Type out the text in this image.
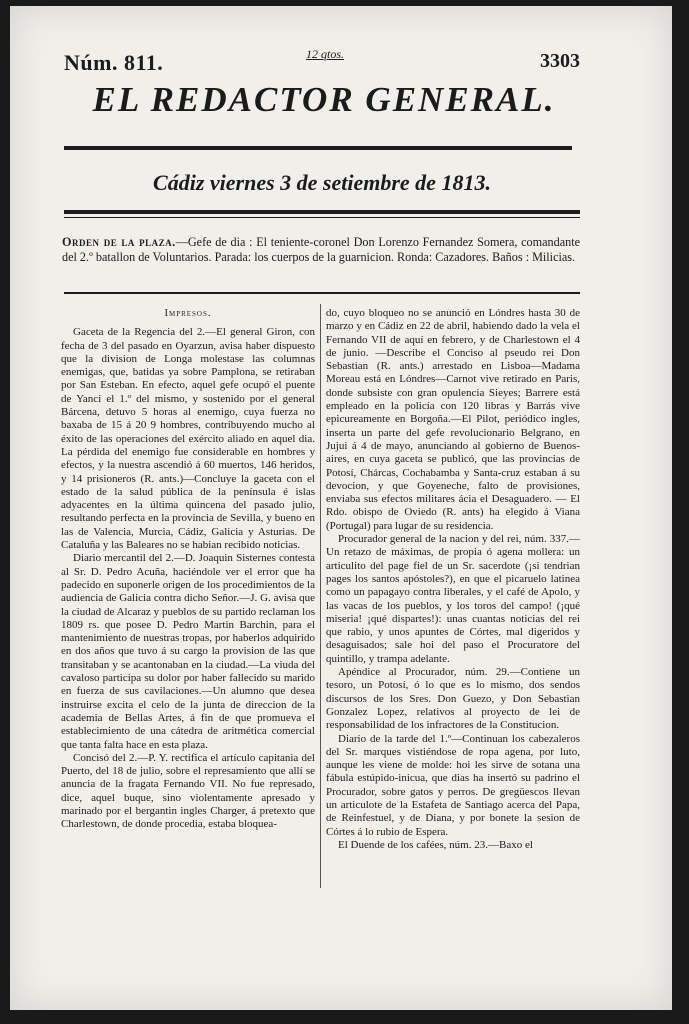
Núm. 811.	12 qtos.	3303
EL REDACTOR GENERAL.
Cádiz viernes 3 de setiembre de 1813.
Orden de la plaza.—Gefe de dia : El teniente-coronel Don Lorenzo Fernandez Somera, comandante del 2.º batallon de Voluntarios. Parada: los cuerpos de la guarnicion. Ronda: Cazadores. Baños : Milicias.

Impresos.

Gaceta de la Regencia del 2.—El general Giron, con fecha de 3 del pasado en Oyarzun, avisa haber dispuesto que la division de Longa molestase las columnas enemigas, que, batidas ya sobre Pamplona, se retiraban por San Esteban. En efecto, aquel gefe ocupó el puente de Yanci el 1.º del mismo, y sostenido por el general Bárcena, detuvo 5 horas al enemigo, cuya fuerza no baxaba de 15 á 20 9 hombres, contribuyendo mucho al éxito de las operaciones del exército aliado en aquel dia. La pérdida del enemigo fue considerable en hombres y efectos, y la nuestra ascendió á 60 muertos, 146 heridos, y 14 prisioneros (R. ants.)—Concluye la gaceta con el estado de la salud pública de la península é islas adyacentes en la última quincena del pasado julio, resultando perfecta en la provincia de Sevilla, y bueno en las de Valencia, Murcia, Cádiz, Galicia y Asturias. De Cataluña y las Baleares no se habian recibido noticias.

Diario mercantil del 2.—D. Joaquin Sisternes contesta al Sr. D. Pedro Acuña, haciéndole ver el error que ha padecido en suponerle origen de los procedimientos de la audiencia de Galicia contra dicho Señor.—J. G. avisa que la ciudad de Alcaraz y pueblos de su partido reclaman los 1809 rs. que posee D. Pedro Martin Barchin, para el mantenimiento de nuestras tropas, por haberlos adquirido en dos años que tuvo á su cargo la provision de las que transitaban y se acantonaban en la ciudad.—La viuda del cavaloso participa su dolor por haber fallecido su marido en fuerza de sus cavilaciones.—Un alumno que desea instruirse excita el celo de la junta de direccion de la academia de Bellas Artes, á fin de que promueva el establecimiento de una cátedra de aritmética comercial que tanta falta hace en esta plaza.

Concisó del 2.—P. Y. rectifica el artículo capitania del Puerto, del 18 de julio, sobre el represamiento que allí se anuncia de la fragata Fernando VII. No fue represado, dice, aquel buque, sino violentamente apresado y marinado por el bergantin ingles Charger, á pretexto que Charlestown, de donde procedia, estaba bloquea-

do, cuyo bloqueo no se anunció en Lóndres hasta 30 de marzo y en Cádiz en 22 de abril, habiendo dado la vela el Fernando VII de aquí en febrero, y de Charlestown el 4 de junio. —Describe el Conciso al pseudo rei Don Sebastian (R. ants.) arrestado en Lisboa—Madama Moreau está en Lóndres—Carnot vive retirado en Paris, donde subsiste con gran opulencia Sieyes; Barrere está empleado en la policía con 120 libras y Barrás vive epicureamente en Borgoña.—El Pilot, periódico ingles, inserta un parte del gefe revolucionario Belgrano, en Jujui á 4 de mayo, anunciando al gobierno de Buenos-aires, en cuya gaceta se publicó, que las provincias de Potosí, Chárcas, Cochabamba y Santa-cruz estaban á su devocion, y que Goyeneche, falto de provisiones, enviaba sus efectos militares ácia el Desaguadero. — El Rdo. obispo de Oviedo (R. ants) ha elegido á Viana (Portugal) para lugar de su residencia.

Procurador general de la nacion y del rei, núm. 337.—Un retazo de máximas, de propia ó agena mollera: un articulito del page fiel de un Sr. sacerdote (¡si tendrian pages los santos apóstoles?), en que el picaruelo latinea como un papagayo contra liberales, y el café de Apolo, y las vacas de los pueblos, y los toros del campo! (¡qué miseria! ¡qué dispartes!): unas cuantas noticias del rei que rabio, y unos apuntes de Córtes, mal digeridos y desaguisados; sale hoi del paso el Procuratore del quintillo, y trampa adelante.

Apéndice al Procurador, núm. 29.—Contiene un tesoro, un Potosí, ó lo que es lo mismo, dos sendos discursos de los Sres. Don Guezo, y Don Sebastian Gonzalez Lopez, relativos al proyecto de lei de responsabilidad de los infractores de la Constitucion.

Diario de la tarde del 1.º—Continuan los cabezaleros del Sr. marques vistiéndose de ropa agena, por luto, aunque les viene de molde: hoi les sirve de sotana una fábula estúpido-inicua, que dias ha insertó su padrino el Procurador, sobre gatos y perros. De gregüescos llevan un articulote de la Estafeta de Santiago acerca del Papa, de Reinfestuel, y de Diana, y por bonete la sesion de Córtes á lo rubio de Espera.

El Duende de los cafées, núm. 23.—Baxo el
